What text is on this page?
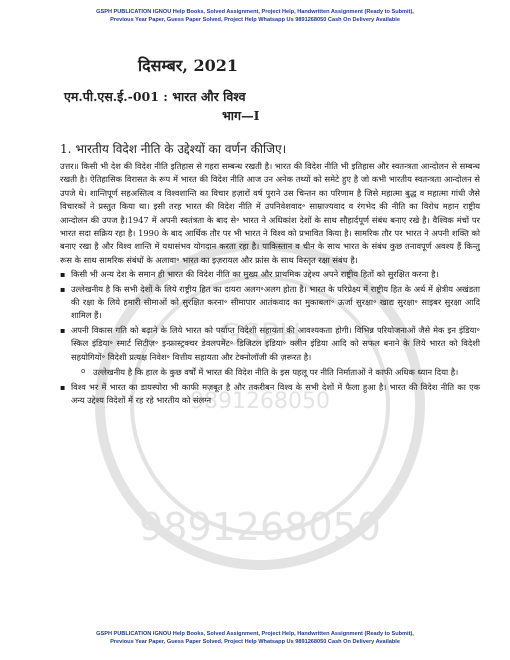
GSPH PUBLICATION IGNOU Help Books, Solved Assignment, Project Help, Handwritten Assignment (Ready to Submit),
Previous Year Paper, Guess Paper Solved, Project Help Whatsapp Us 9891268050 Cash On Delivery Available
दिसम्बर, 2021
एम.पी.एस.ई.-001 : भारत और विश्व
भाग—I
GSPH
9891268050
9891268050
1. भारतीय विदेश नीति के उद्देश्यों का वर्णन कीजिए।

उत्तर॥ किसी भी देश की विदेश नीति इतिहास से गहरा सम्बन्ध रखती है। भारत की विदेश नीति भी इतिहास और स्वतन्त्रता आन्दोलन से सम्बन्ध रखती है। ऐतिहासिक विरासत के रूप में भारत की विदेश नीति आज उन अनेक तथ्यों को समेटे हुए है जो कभी भारतीय स्वतन्त्रता आन्दोलन से उपजे थे। शान्तिपूर्ण सहअस्तित्व व विश्वशान्ति का विचार हज़ारों वर्ष पुराने उस चिन्तन का परिणाम है जिसे महात्मा बुद्ध व महात्मा गांधी जैसे विचारकों ने प्रस्तुत किया था। इसी तरह भारत की विदेश नीति में उपनिवेशवाद॰ साम्राज्यवाद व रंगभेद की नीति का विरोध महान राष्ट्रीय आन्दोलन की उपज है।1947 में अपनी स्वतंत्रता के बाद से॰ भारत ने अधिकांश देशों के साथ सौहार्दपूर्ण संबंध बनाए रखे है। वैश्विक मंचों पर भारत सदा सक्रिय रहा है। 1990 के बाद आर्थिक तौर पर भी भारत ने विश्व को प्रभावित किया है। सामरिक तौर पर भारत ने अपनी शक्ति को बनाए रखा है और विश्व शान्ति में यथासंभव योगदान करता रहा है। पाकिस्तान व चीन के साथ भारत के संबंध कुछ तनावपूर्ण अवश्य हैं किन्तु रूस के साथ सामरिक संबंधों के अलावा॰ भारत का इज़रायल और फ्रांस के साथ विस्तृत रक्षा संबंध है।

▪ किसी भी अन्य देश के समान ही भारत की विदेश नीति का मुख्य और प्राथमिक उद्देश्य अपने राष्ट्रीय हितों को सुरक्षित करना है।
▪ उल्लेखनीय है कि सभी देशों के लिये राष्ट्रीय हित का दायरा अलग॰अलग होता है। भारत के परिप्रेक्ष्य में राष्ट्रीय हित के अर्थ में क्षेत्रीय अखंडता की रक्षा के लिये हमारी सीमाओं को सुरक्षित करना॰ सीमापार आतंकवाद का मुकाबला॰ ऊर्जा सुरक्षा॰ खाद्य सुरक्षा॰ साइबर सुरक्षा आदि शामिल हैं।
▪ अपनी विकास गति को बढ़ाने के लिये भारत को पर्याप्त विदेशी सहायता की आवश्यकता होगी। विभिन्न परियोजनाओं जैसे मेक इन इंडिया॰ स्किल इंडिया॰ स्मार्ट सिटीज़॰ इन्फ्रास्ट्रक्चर डेवलपमेंट॰ डिजिटल इंडिया॰ क्लीन इंडिया आदि को सफल बनाने के लिये भारत को विदेशी सहयोगियों॰ विदेशी प्रत्यक्ष निवेश॰ वित्तीय सहायता और टेक्नोलॉजी की ज़रूरत है।
o उल्लेखनीय है कि हाल के कुछ वर्षों में भारत की विदेश नीति के इस पहलू पर नीति निर्माताओं ने काफी अधिक ध्यान दिया है।
▪ विश्व भर में भारत का डायस्पोरा भी काफी मज़बूत है और तकरीबन विश्व के सभी देशों में फैला हुआ है। भारत की विदेश नीति का एक अन्य उद्देश्य विदेशों में रह रहे भारतीय को संलग्न
GSPH PUBLICATION IGNOU Help Books, Solved Assignment, Project Help, Handwritten Assignment (Ready to Submit),
Previous Year Paper, Guess Paper Solved, Project Help Whatsapp Us 9891268050 Cash On Delivery Available
